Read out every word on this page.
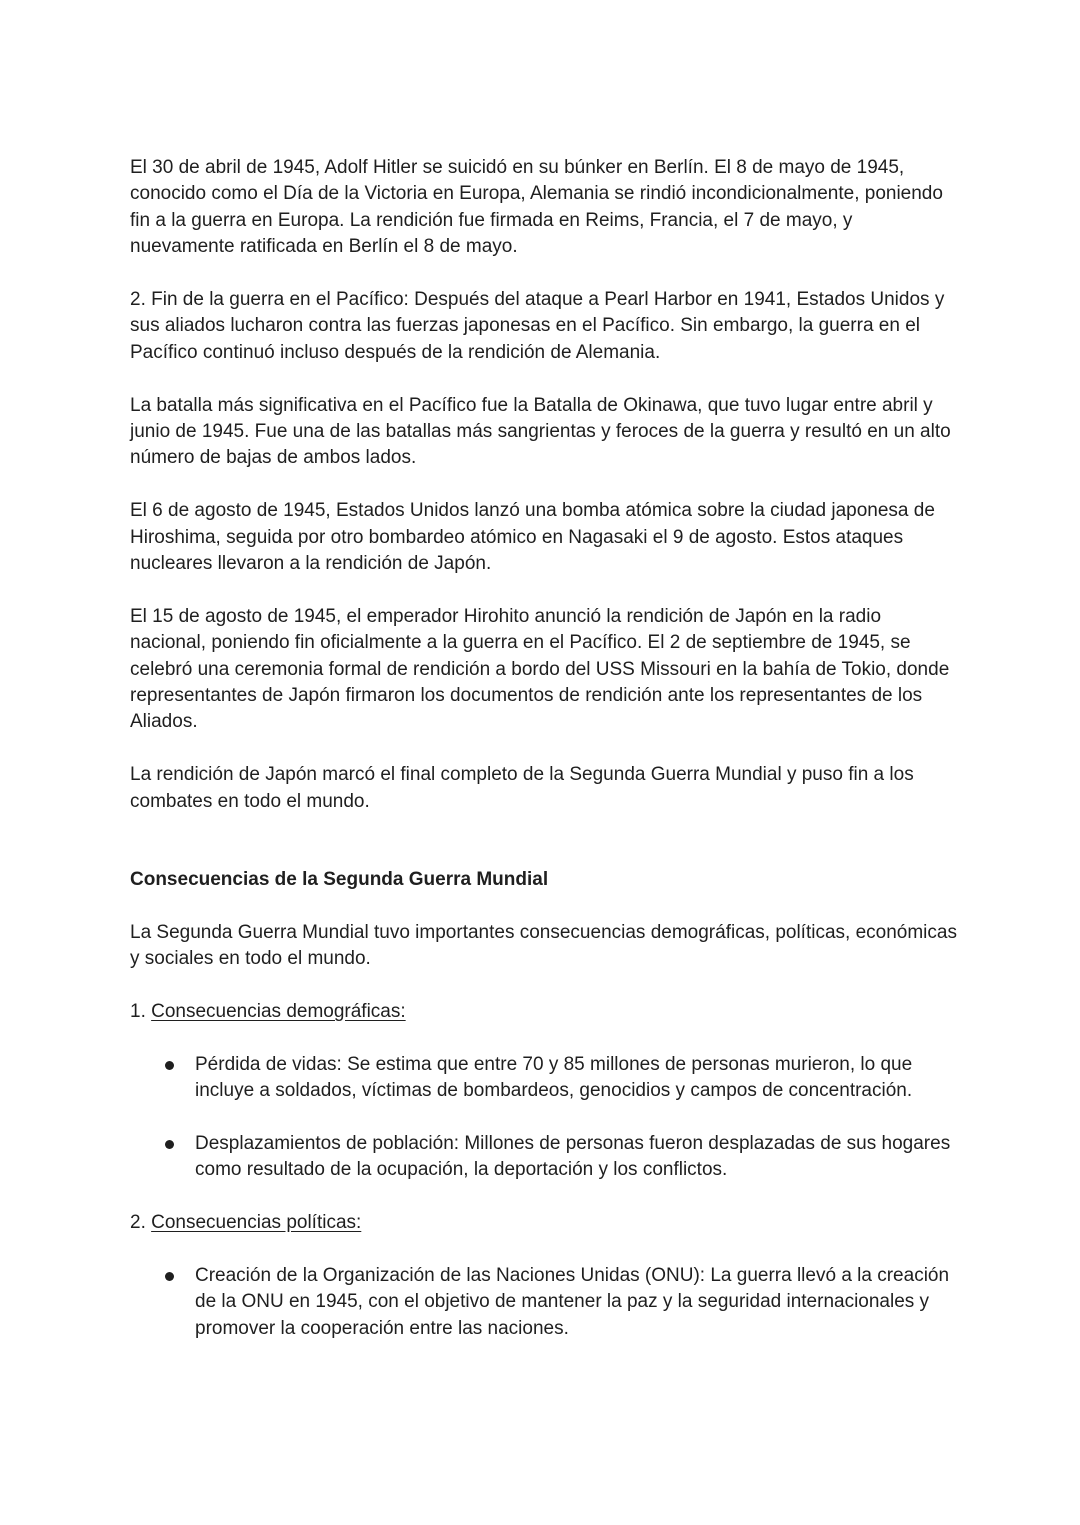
El 30 de abril de 1945, Adolf Hitler se suicidó en su búnker en Berlín. El 8 de mayo de 1945, conocido como el Día de la Victoria en Europa, Alemania se rindió incondicionalmente, poniendo fin a la guerra en Europa. La rendición fue firmada en Reims, Francia, el 7 de mayo, y nuevamente ratificada en Berlín el 8 de mayo.

2. Fin de la guerra en el Pacífico: Después del ataque a Pearl Harbor en 1941, Estados Unidos y sus aliados lucharon contra las fuerzas japonesas en el Pacífico. Sin embargo, la guerra en el Pacífico continuó incluso después de la rendición de Alemania.

La batalla más significativa en el Pacífico fue la Batalla de Okinawa, que tuvo lugar entre abril y junio de 1945. Fue una de las batallas más sangrientas y feroces de la guerra y resultó en un alto número de bajas de ambos lados.

El 6 de agosto de 1945, Estados Unidos lanzó una bomba atómica sobre la ciudad japonesa de Hiroshima, seguida por otro bombardeo atómico en Nagasaki el 9 de agosto. Estos ataques nucleares llevaron a la rendición de Japón.

El 15 de agosto de 1945, el emperador Hirohito anunció la rendición de Japón en la radio nacional, poniendo fin oficialmente a la guerra en el Pacífico. El 2 de septiembre de 1945, se celebró una ceremonia formal de rendición a bordo del USS Missouri en la bahía de Tokio, donde representantes de Japón firmaron los documentos de rendición ante los representantes de los Aliados.

La rendición de Japón marcó el final completo de la Segunda Guerra Mundial y puso fin a los combates en todo el mundo.

Consecuencias de la Segunda Guerra Mundial

La Segunda Guerra Mundial tuvo importantes consecuencias demográficas, políticas, económicas y sociales en todo el mundo.

1. Consecuencias demográficas:

Pérdida de vidas: Se estima que entre 70 y 85 millones de personas murieron, lo que incluye a soldados, víctimas de bombardeos, genocidios y campos de concentración.
Desplazamientos de población: Millones de personas fueron desplazadas de sus hogares como resultado de la ocupación, la deportación y los conflictos.

2. Consecuencias políticas:

Creación de la Organización de las Naciones Unidas (ONU): La guerra llevó a la creación de la ONU en 1945, con el objetivo de mantener la paz y la seguridad internacionales y promover la cooperación entre las naciones.
